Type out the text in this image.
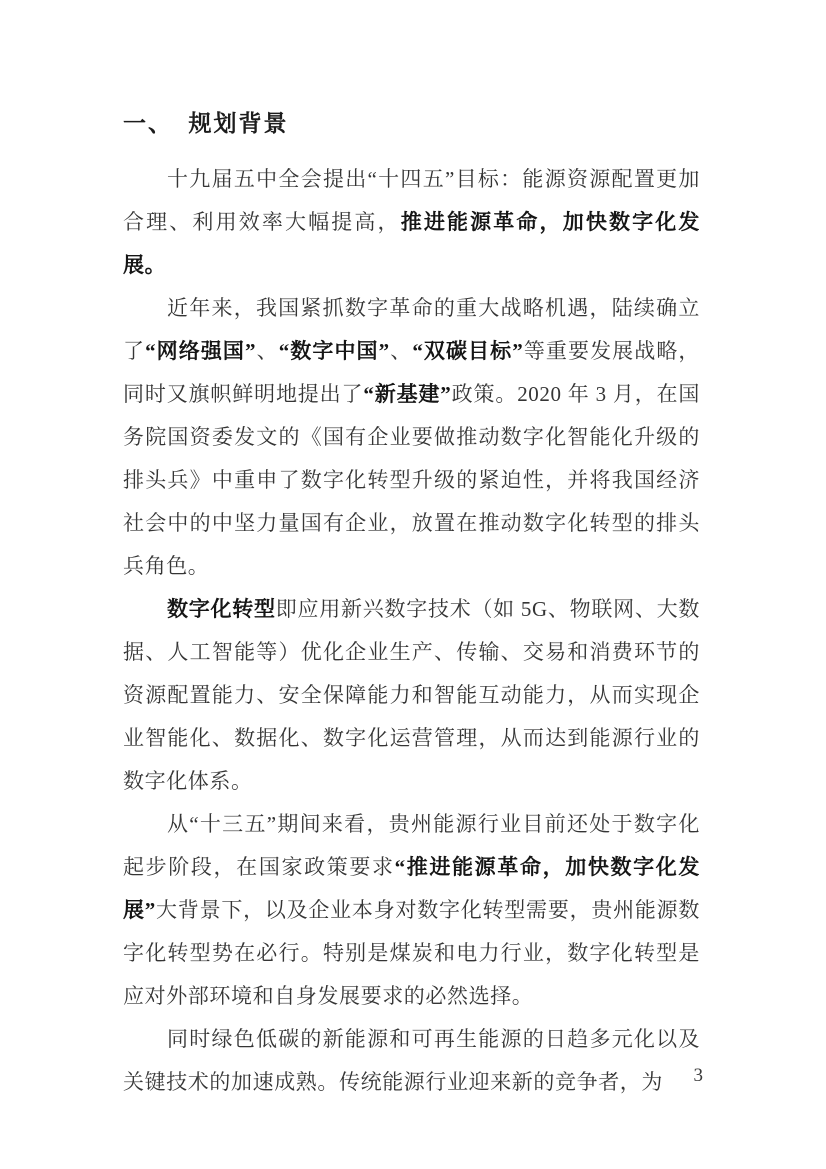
一、  规划背景

十九届五中全会提出“十四五”目标：能源资源配置更加合理、利用效率大幅提高，推进能源革命，加快数字化发展。

近年来，我国紧抓数字革命的重大战略机遇，陆续确立了“网络强国”、“数字中国”、“双碳目标”等重要发展战略，同时又旗帜鲜明地提出了“新基建”政策。2020 年 3 月，在国务院国资委发文的《国有企业要做推动数字化智能化升级的排头兵》中重申了数字化转型升级的紧迫性，并将我国经济社会中的中坚力量国有企业，放置在推动数字化转型的排头兵角色。

数字化转型即应用新兴数字技术（如 5G、物联网、大数据、人工智能等）优化企业生产、传输、交易和消费环节的资源配置能力、安全保障能力和智能互动能力，从而实现企业智能化、数据化、数字化运营管理，从而达到能源行业的数字化体系。

从“十三五”期间来看，贵州能源行业目前还处于数字化起步阶段，在国家政策要求“推进能源革命，加快数字化发展”大背景下，以及企业本身对数字化转型需要，贵州能源数字化转型势在必行。特别是煤炭和电力行业，数字化转型是应对外部环境和自身发展要求的必然选择。

同时绿色低碳的新能源和可再生能源的日趋多元化以及关键技术的加速成熟。传统能源行业迎来新的竞争者，为	3
